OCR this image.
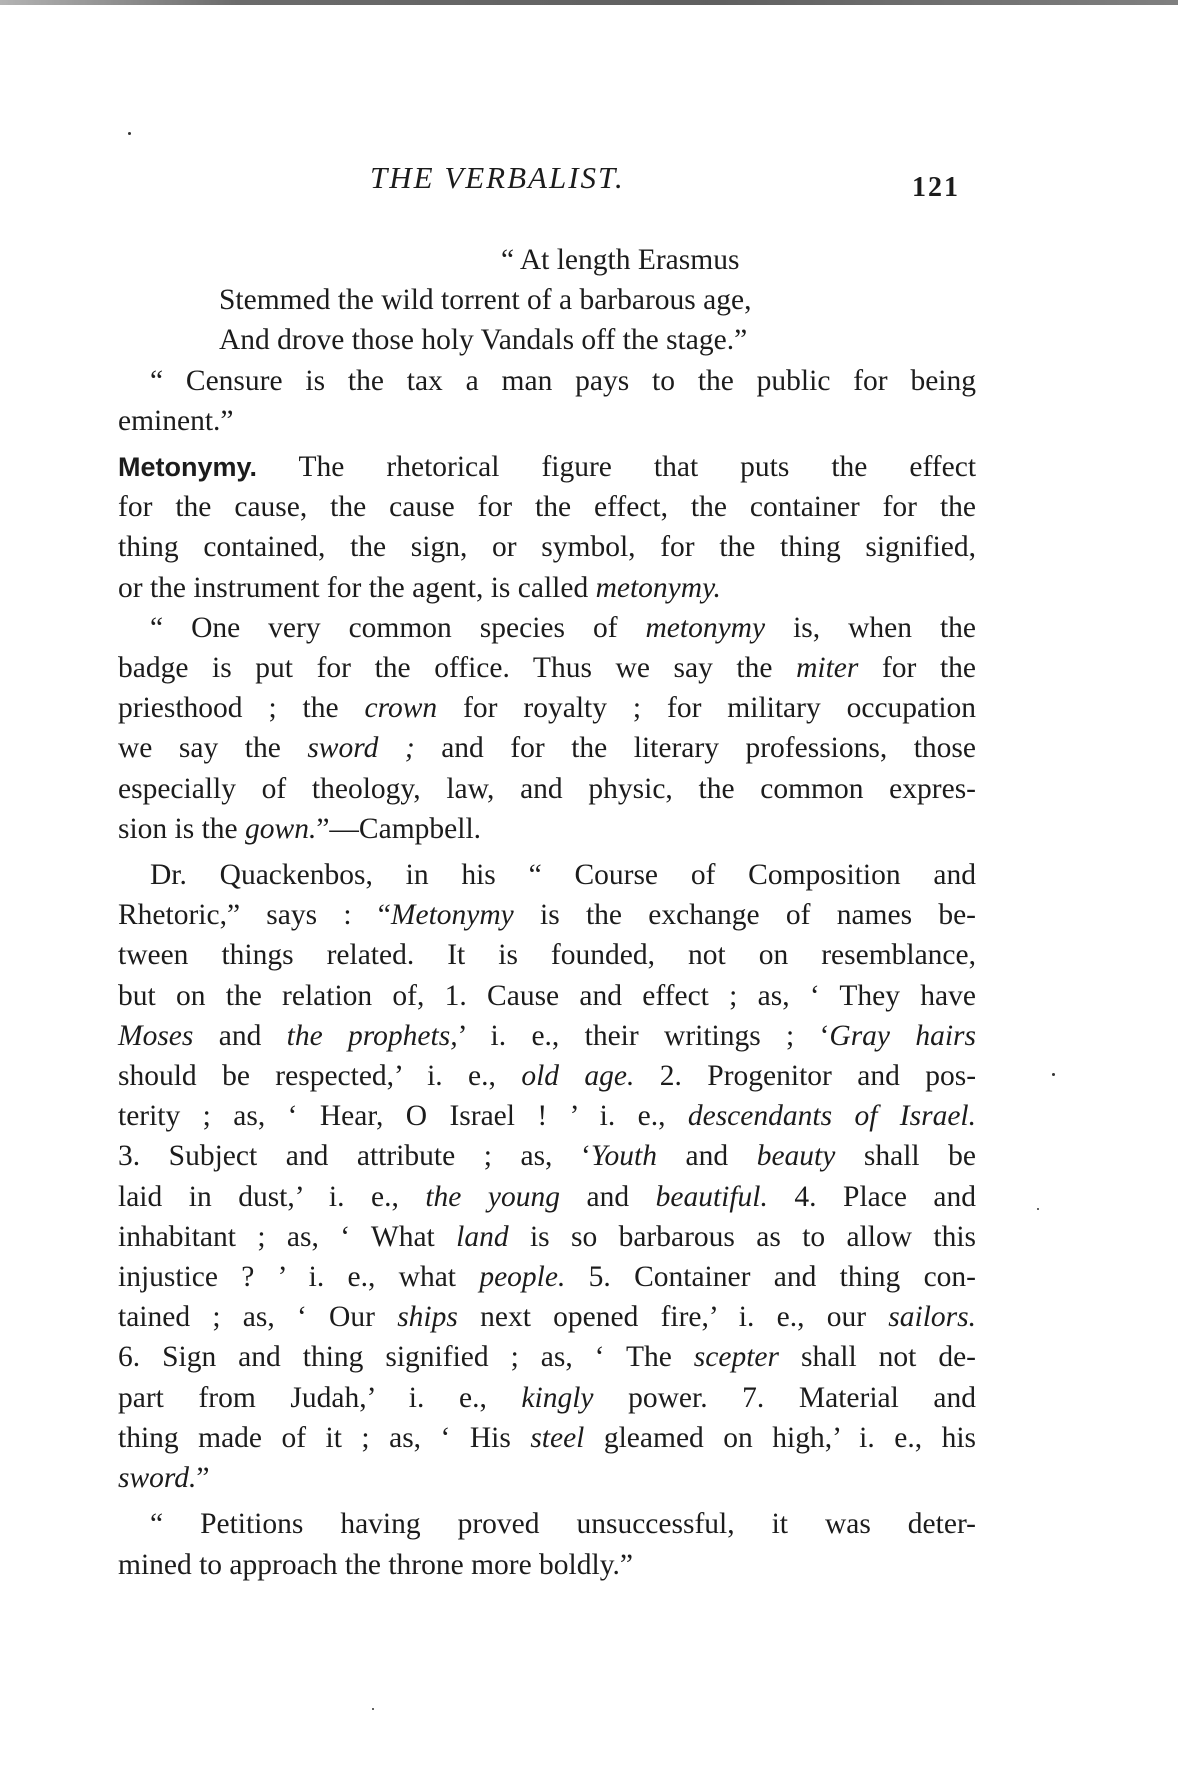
THE VERBALIST.	121
“ At length Erasmus
Stemmed the wild torrent of a barbarous age,
And drove those holy Vandals off the stage.”
“ Censure is the tax a man pays to the public for being
eminent.”
Metonymy. The rhetorical figure that puts the effect
for the cause, the cause for the effect, the container for the
thing contained, the sign, or symbol, for the thing signified,
or the instrument for the agent, is called metonymy.
“ One very common species of metonymy is, when the
badge is put for the office. Thus we say the miter for the
priesthood ; the crown for royalty ; for military occupation
we say the sword ; and for the literary professions, those
especially of theology, law, and physic, the common expres-
sion is the gown.”—Campbell.
Dr. Quackenbos, in his “ Course of Composition and
Rhetoric,” says : “Metonymy is the exchange of names be-
tween things related. It is founded, not on resemblance,
but on the relation of, 1. Cause and effect ; as, ‘ They have
Moses and the prophets,’ i. e., their writings ; ‘Gray hairs
should be respected,’ i. e., old age. 2. Progenitor and pos-
terity ; as, ‘ Hear, O Israel ! ’ i. e., descendants of Israel.
3. Subject and attribute ; as, ‘Youth and beauty shall be
laid in dust,’ i. e., the young and beautiful. 4. Place and
inhabitant ; as, ‘ What land is so barbarous as to allow this
injustice ? ’ i. e., what people. 5. Container and thing con-
tained ; as, ‘ Our ships next opened fire,’ i. e., our sailors.
6. Sign and thing signified ; as, ‘ The scepter shall not de-
part from Judah,’ i. e., kingly power. 7. Material and
thing made of it ; as, ‘ His steel gleamed on high,’ i. e., his
sword.”
“ Petitions having proved unsuccessful, it was deter-
mined to approach the throne more boldly.”
